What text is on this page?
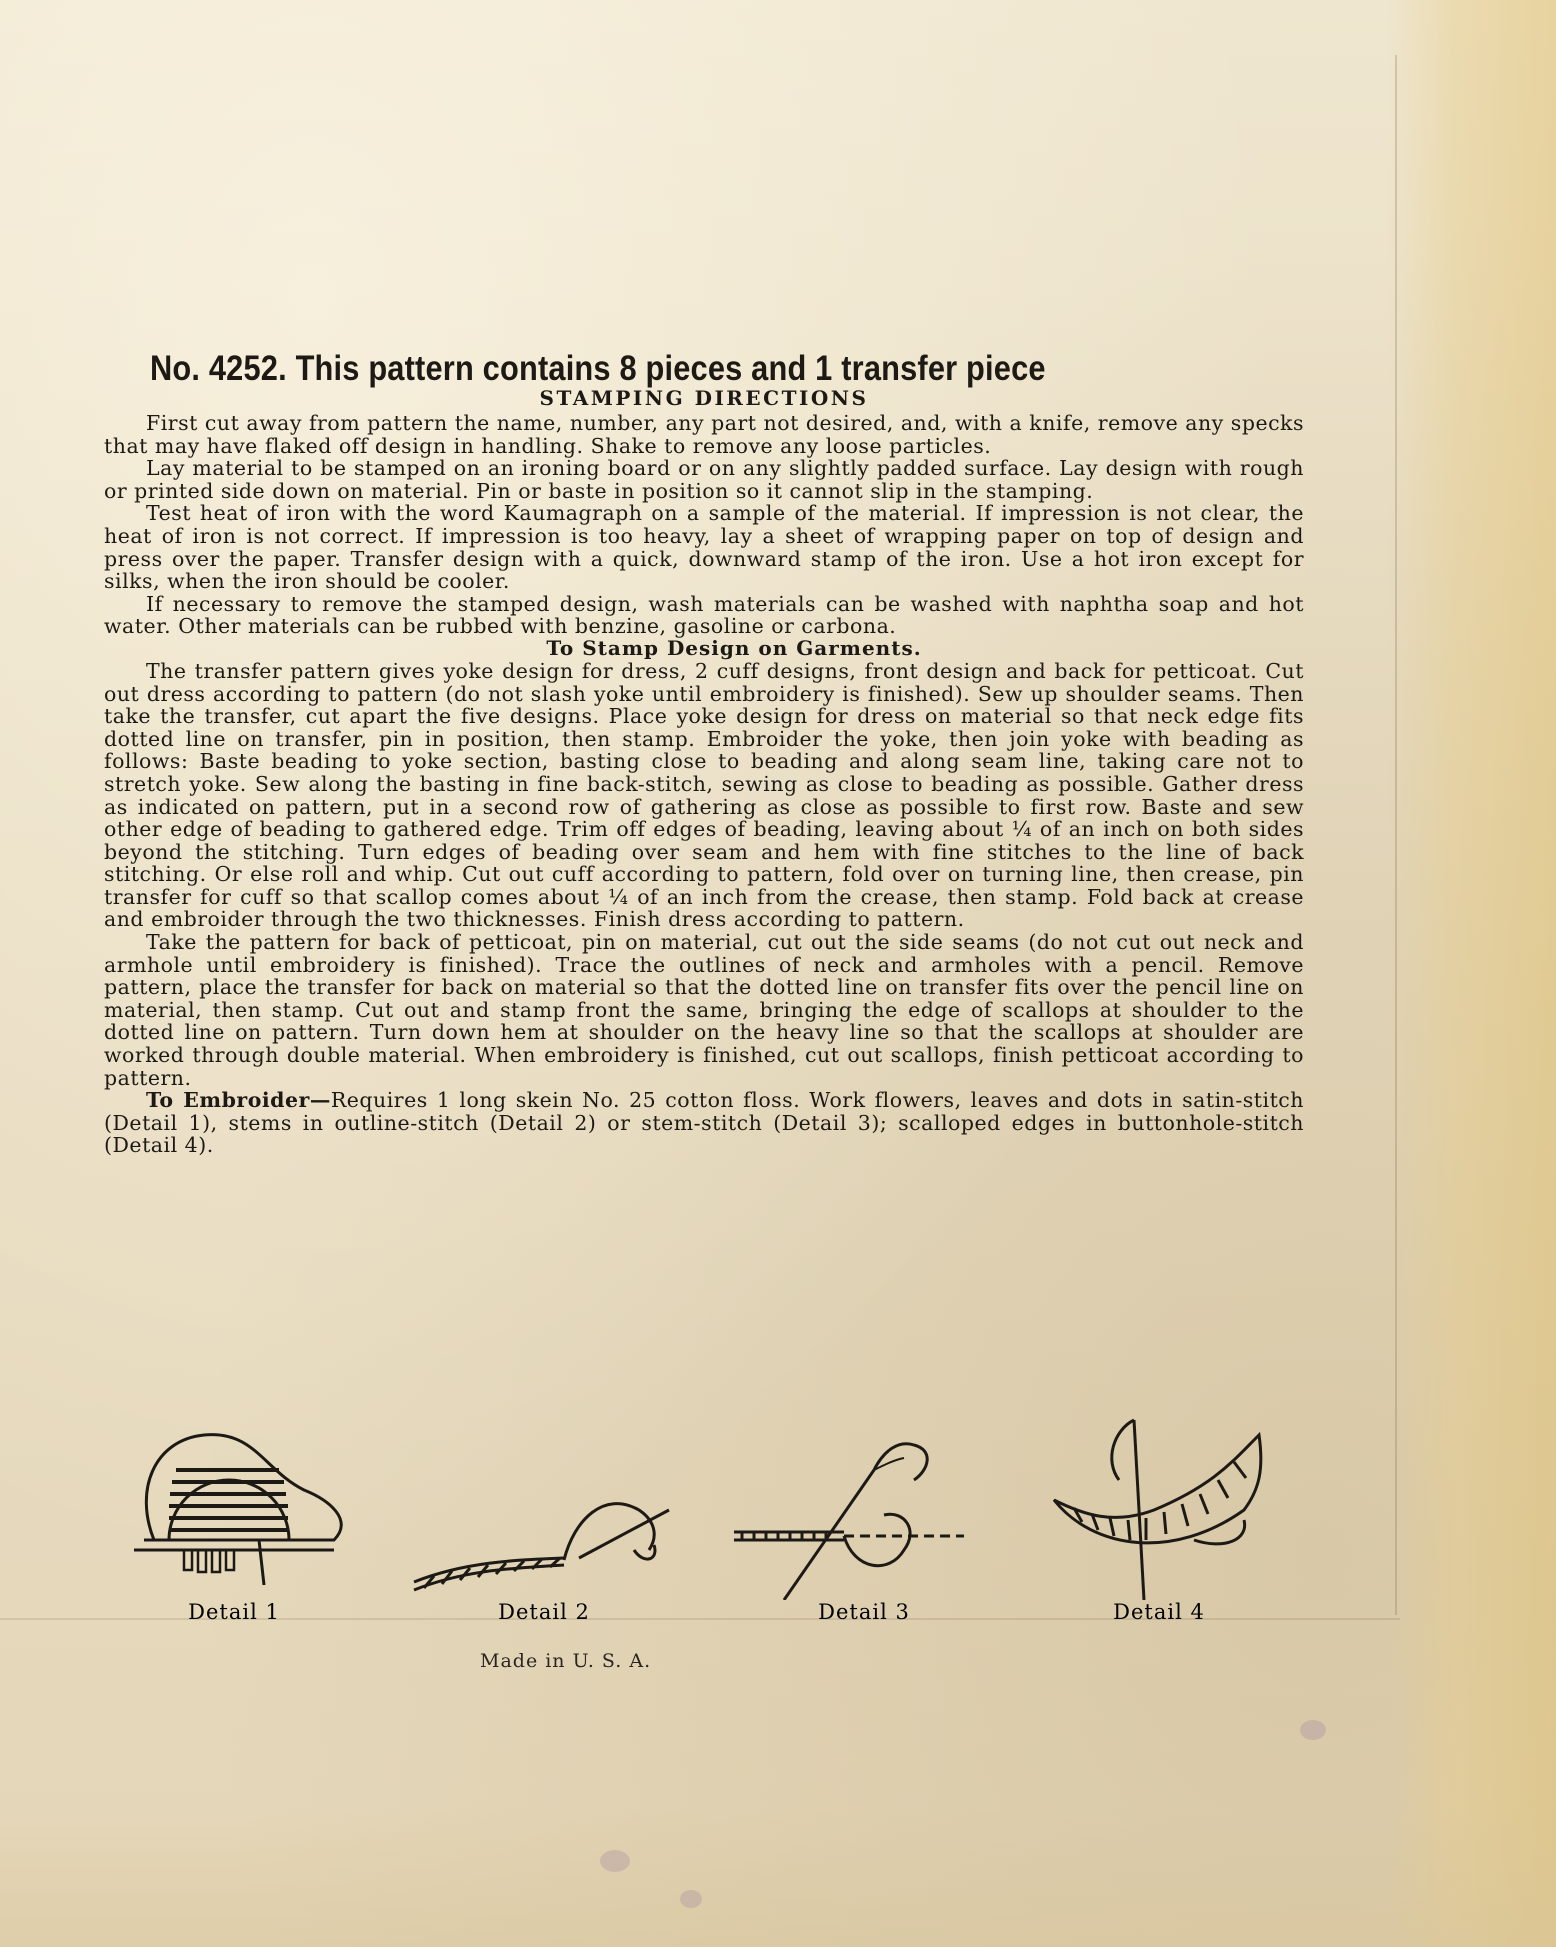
No. 4252. This pattern contains 8 pieces and 1 transfer piece
STAMPING DIRECTIONS

First cut away from pattern the name, number, any part not desired, and, with a knife, remove any specks that may have flaked off design in handling. Shake to remove any loose particles.

Lay material to be stamped on an ironing board or on any slightly padded surface. Lay design with rough or printed side down on material. Pin or baste in position so it cannot slip in the stamping.

Test heat of iron with the word Kaumagraph on a sample of the material. If impression is not clear, the heat of iron is not correct. If impression is too heavy, lay a sheet of wrapping paper on top of design and press over the paper. Transfer design with a quick, downward stamp of the iron. Use a hot iron except for silks, when the iron should be cooler.

If necessary to remove the stamped design, wash materials can be washed with naphtha soap and hot water. Other materials can be rubbed with benzine, gasoline or carbona.

To Stamp Design on Garments.

The transfer pattern gives yoke design for dress, 2 cuff designs, front design and back for petticoat. Cut out dress according to pattern (do not slash yoke until embroidery is finished). Sew up shoulder seams. Then take the transfer, cut apart the five designs. Place yoke design for dress on material so that neck edge fits dotted line on transfer, pin in position, then stamp. Embroider the yoke, then join yoke with beading as follows: Baste beading to yoke section, basting close to beading and along seam line, taking care not to stretch yoke. Sew along the basting in fine back-stitch, sewing as close to beading as possible. Gather dress as indicated on pattern, put in a second row of gathering as close as possible to first row. Baste and sew other edge of beading to gathered edge. Trim off edges of beading, leaving about ¼ of an inch on both sides beyond the stitching. Turn edges of beading over seam and hem with fine stitches to the line of back stitching. Or else roll and whip. Cut out cuff according to pattern, fold over on turning line, then crease, pin transfer for cuff so that scallop comes about ¼ of an inch from the crease, then stamp. Fold back at crease and embroider through the two thicknesses. Finish dress according to pattern.

Take the pattern for back of petticoat, pin on material, cut out the side seams (do not cut out neck and armhole until embroidery is finished). Trace the outlines of neck and armholes with a pencil. Remove pattern, place the transfer for back on material so that the dotted line on transfer fits over the pencil line on material, then stamp. Cut out and stamp front the same, bringing the edge of scallops at shoulder to the dotted line on pattern. Turn down hem at shoulder on the heavy line so that the scallops at shoulder are worked through double material. When embroidery is finished, cut out scallops, finish petticoat according to pattern.

To Embroider—Requires 1 long skein No. 25 cotton floss. Work flowers, leaves and dots in satin-stitch (Detail 1), stems in outline-stitch (Detail 2) or stem-stitch (Detail 3); scalloped edges in buttonhole-stitch (Detail 4).

Detail 1	Detail 2	Detail 3	Detail 4
Made in U. S. A.
